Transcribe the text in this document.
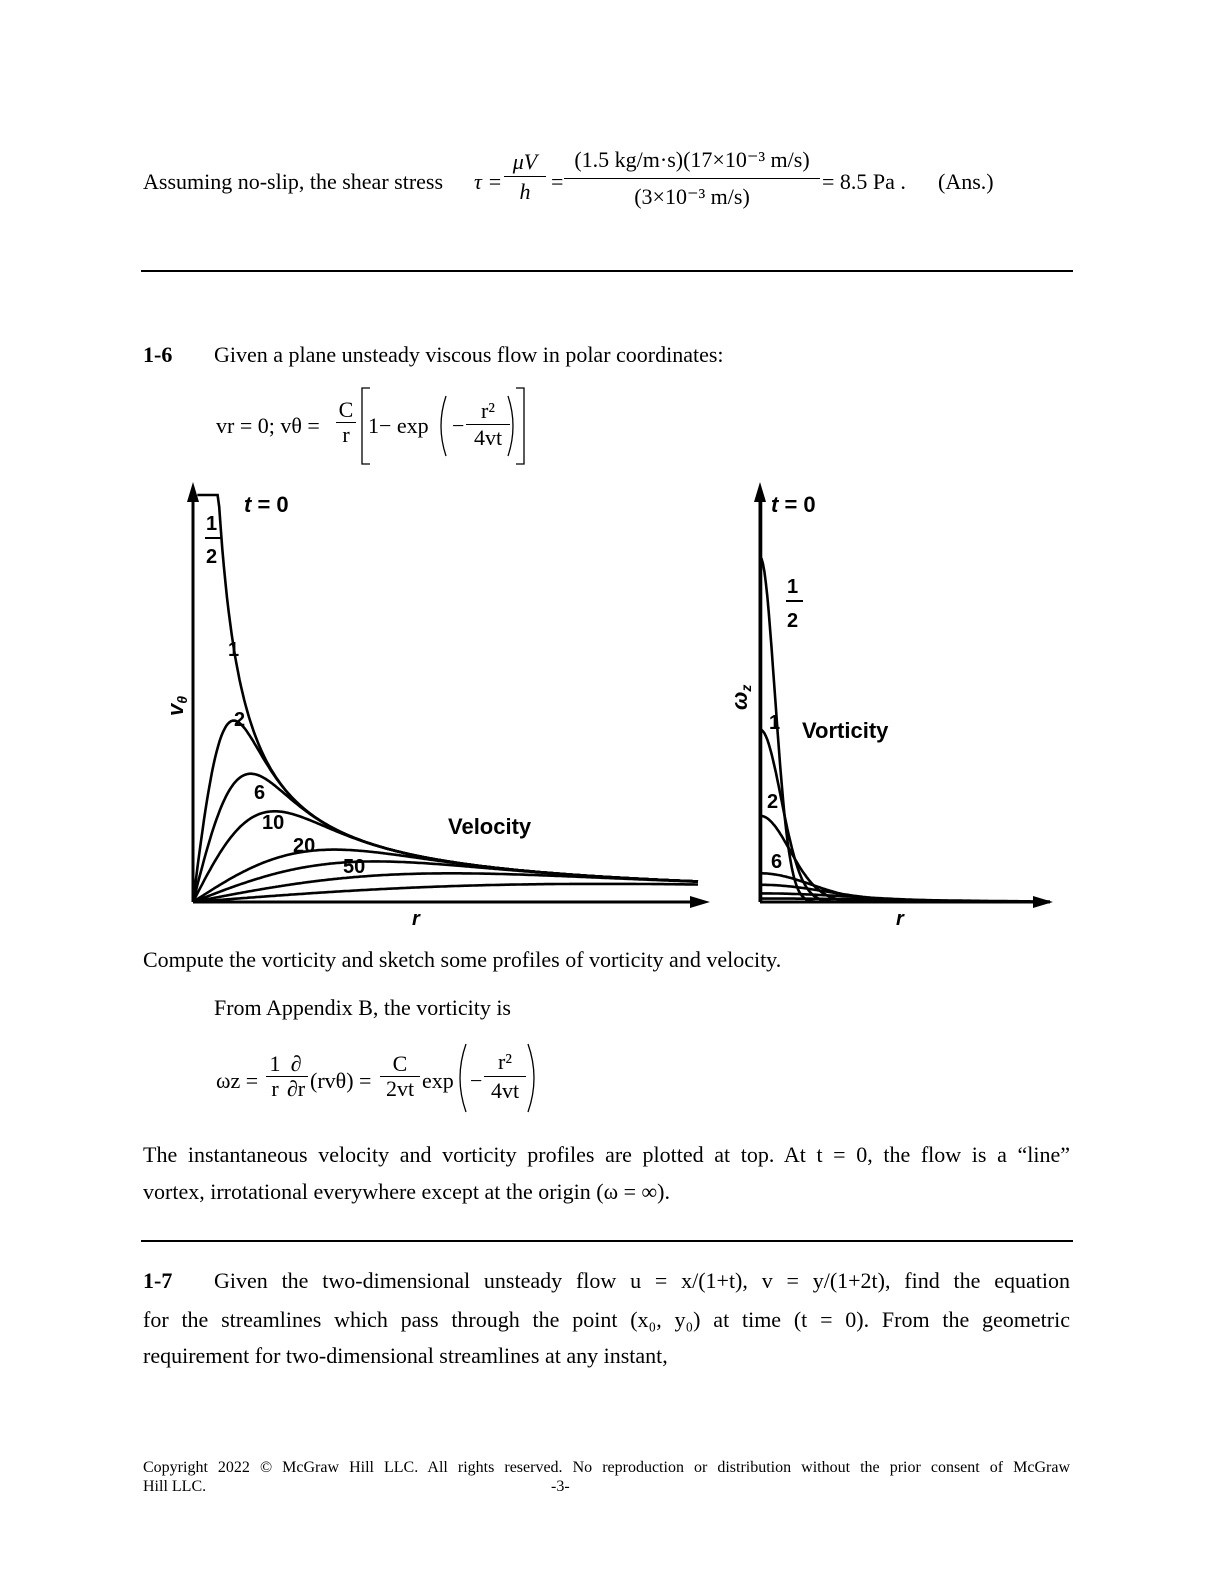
Assuming no-slip, the shear stress $\tau = \frac{\mu V}{h} = \frac{\text{(1.5 kg/m·s)(17×10⁻³ m/s)}}{\text{(3×10⁻³ m/s)}} = 8.5$ Pa . (Ans.)
1-6 Given a plane unsteady viscous flow in polar coordinates:
vr = 0; vθ =
C
r 1− exp −
r²
4vt
t = 0
1
2
1
2
6
10
20
50
Velocity
r
vθ
t = 0
1
2
1
2
6
Vorticity
r
ωz
Compute the vorticity and sketch some profiles of vorticity and velocity.
From Appendix B, the vorticity is
ωz =
1
r
∂
∂r (rvθ) =
C
2vt exp −
r²
4vt
The instantaneous velocity and vorticity profiles are plotted at top. At t = 0, the flow is a “line”
vortex, irrotational everywhere except at the origin (ω = ∞).
1-7 Given the two-dimensional unsteady flow u = x/(1+t), v = y/(1+2t), find the equation
for the streamlines which pass through the point (x₀, y₀) at time (t = 0). From the geometric
requirement for two-dimensional streamlines at any instant,
Copyright 2022 © McGraw Hill LLC. All rights reserved. No reproduction or distribution without the prior consent of McGraw
Hill LLC.	-3-
